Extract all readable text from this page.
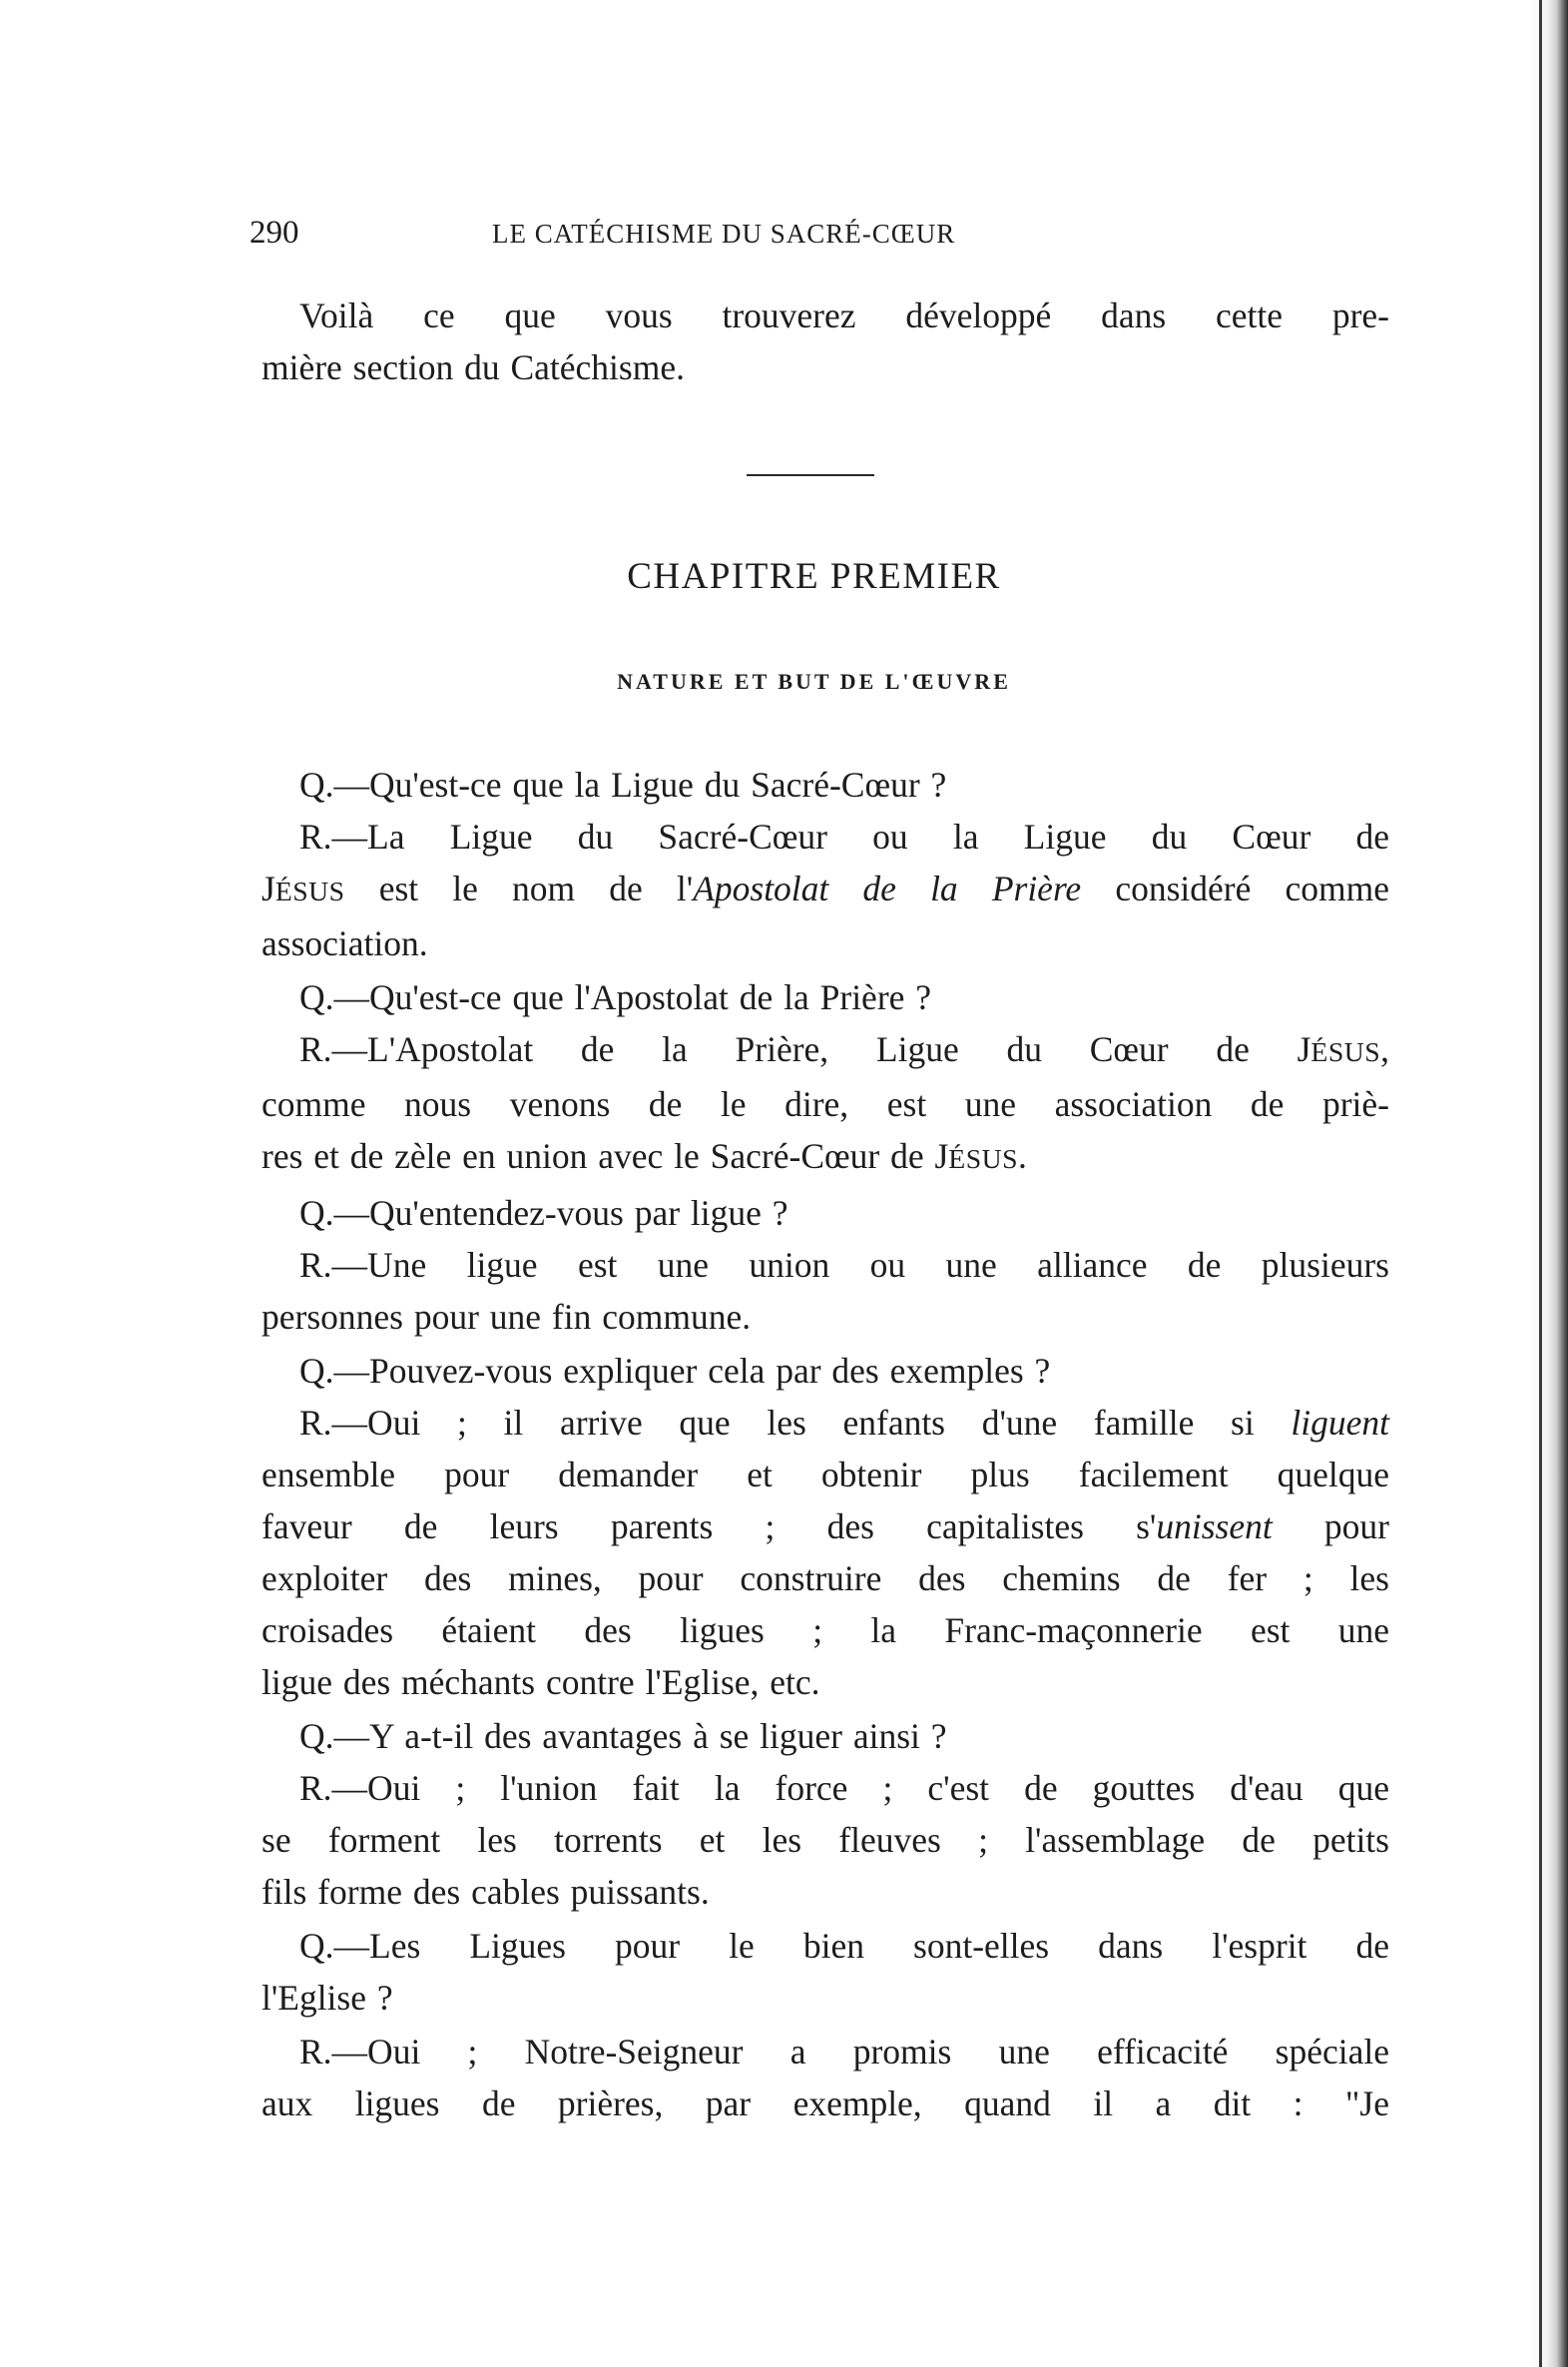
290	LE CATÉCHISME DU SACRÉ-CŒUR

Voilà ce que vous trouverez développé dans cette pre-
mière section du Catéchisme.

CHAPITRE PREMIER
NATURE ET BUT DE L'ŒUVRE

Q.—Qu'est-ce que la Ligue du Sacré-Cœur ?

R.—La Ligue du Sacré-Cœur ou la Ligue du Cœur de
JÉSUS est le nom de l'Apostolat de la Prière considéré comme
association.

Q.—Qu'est-ce que l'Apostolat de la Prière ?

R.—L'Apostolat de la Prière, Ligue du Cœur de JÉSUS,
comme nous venons de le dire, est une association de priè-
res et de zèle en union avec le Sacré-Cœur de JÉSUS.

Q.—Qu'entendez-vous par ligue ?

R.—Une ligue est une union ou une alliance de plusieurs
personnes pour une fin commune.

Q.—Pouvez-vous expliquer cela par des exemples ?

R.—Oui ; il arrive que les enfants d'une famille si liguent
ensemble pour demander et obtenir plus facilement quelque
faveur de leurs parents ; des capitalistes s'unissent pour
exploiter des mines, pour construire des chemins de fer ; les
croisades étaient des ligues ; la Franc-maçonnerie est une
ligue des méchants contre l'Eglise, etc.

Q.—Y a-t-il des avantages à se liguer ainsi ?

R.—Oui ; l'union fait la force ; c'est de gouttes d'eau que
se forment les torrents et les fleuves ; l'assemblage de petits
fils forme des cables puissants.

Q.—Les Ligues pour le bien sont-elles dans l'esprit de
l'Eglise ?

R.—Oui ; Notre-Seigneur a promis une efficacité spéciale
aux ligues de prières, par exemple, quand il a dit : "Je
